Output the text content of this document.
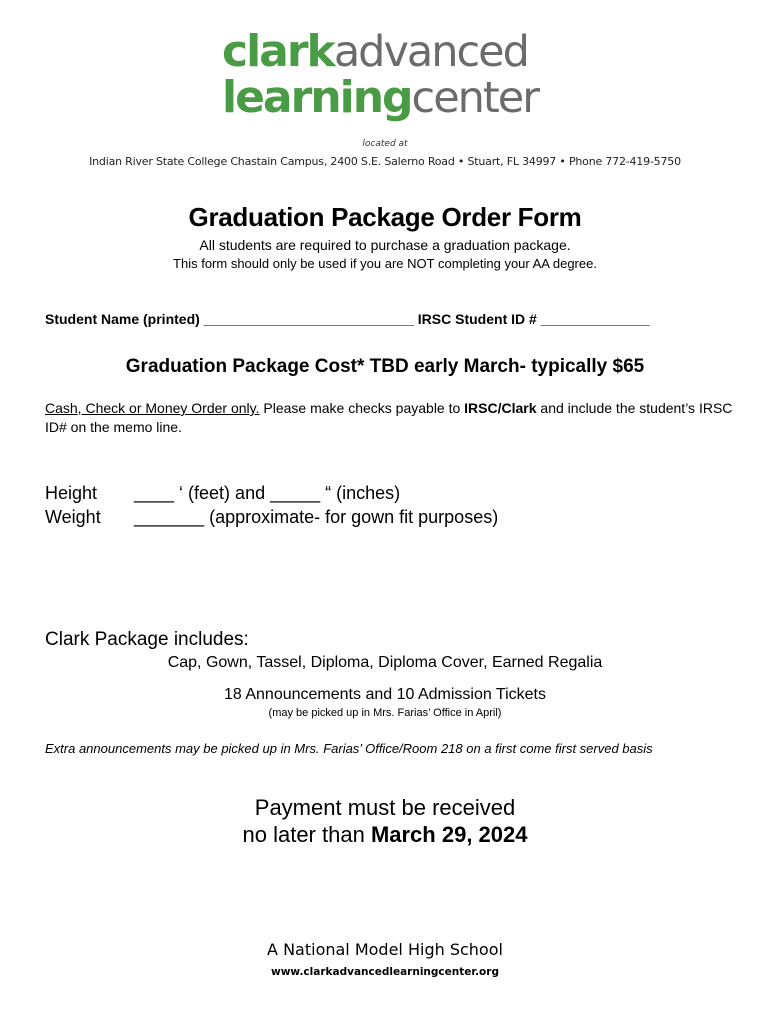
clarkadvanced
learningcenter
located at
Indian River State College Chastain Campus, 2400 S.E. Salerno Road • Stuart, FL 34997 • Phone 772-419-5750
Graduation Package Order Form
All students are required to purchase a graduation package.
This form should only be used if you are NOT completing your AA degree.
Student Name (printed) ___________________________ IRSC Student ID # ______________
Graduation Package Cost* TBD early March- typically $65
Cash, Check or Money Order only. Please make checks payable to IRSC/Clark and include the student’s IRSC ID# on the memo line.
Height ____ ‘ (feet) and _____ “ (inches)
Weight _______ (approximate- for gown fit purposes)
Clark Package includes:
Cap, Gown, Tassel, Diploma, Diploma Cover, Earned Regalia
18 Announcements and 10 Admission Tickets
(may be picked up in Mrs. Farias’ Office in April)
Extra announcements may be picked up in Mrs. Farias’ Office/Room 218 on a first come first served basis
Payment must be received
no later than March 29, 2024
A National Model High School
www.clarkadvancedlearningcenter.org
